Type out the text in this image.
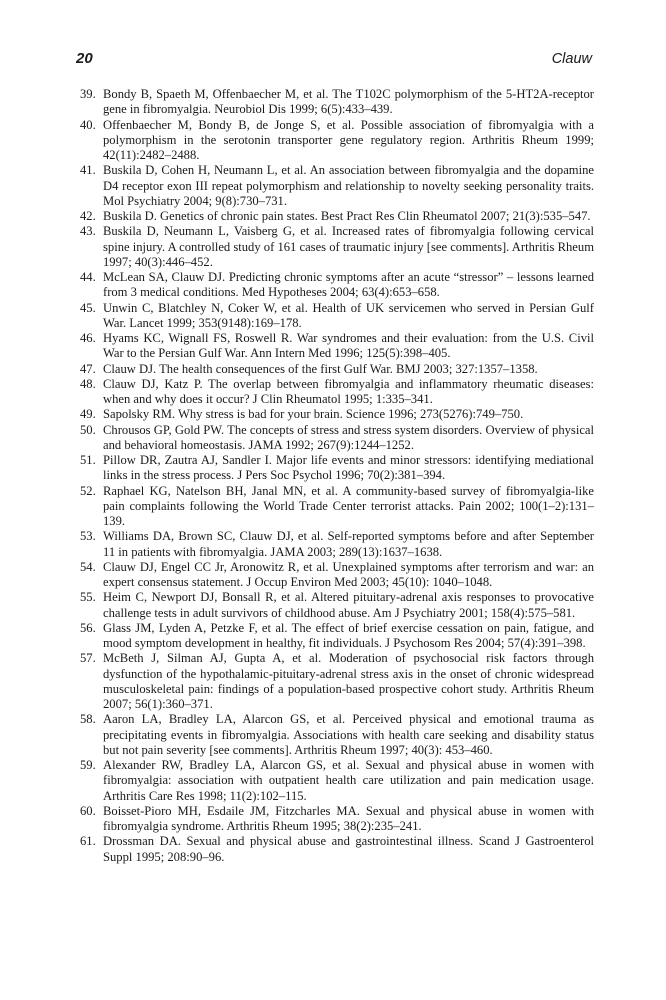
20	Clauw
39. Bondy B, Spaeth M, Offenbaecher M, et al. The T102C polymorphism of the 5-HT2A-receptor gene in fibromyalgia. Neurobiol Dis 1999; 6(5):433–439.
40. Offenbaecher M, Bondy B, de Jonge S, et al. Possible association of fibromyalgia with a polymorphism in the serotonin transporter gene regulatory region. Arthritis Rheum 1999; 42(11):2482–2488.
41. Buskila D, Cohen H, Neumann L, et al. An association between fibromyalgia and the dopamine D4 receptor exon III repeat polymorphism and relationship to novelty seeking personality traits. Mol Psychiatry 2004; 9(8):730–731.
42. Buskila D. Genetics of chronic pain states. Best Pract Res Clin Rheumatol 2007; 21(3):535–547.
43. Buskila D, Neumann L, Vaisberg G, et al. Increased rates of fibromyalgia following cervical spine injury. A controlled study of 161 cases of traumatic injury [see comments]. Arthritis Rheum 1997; 40(3):446–452.
44. McLean SA, Clauw DJ. Predicting chronic symptoms after an acute “stressor” – lessons learned from 3 medical conditions. Med Hypotheses 2004; 63(4):653–658.
45. Unwin C, Blatchley N, Coker W, et al. Health of UK servicemen who served in Persian Gulf War. Lancet 1999; 353(9148):169–178.
46. Hyams KC, Wignall FS, Roswell R. War syndromes and their evaluation: from the U.S. Civil War to the Persian Gulf War. Ann Intern Med 1996; 125(5):398–405.
47. Clauw DJ. The health consequences of the first Gulf War. BMJ 2003; 327:1357–1358.
48. Clauw DJ, Katz P. The overlap between fibromyalgia and inflammatory rheumatic diseases: when and why does it occur? J Clin Rheumatol 1995; 1:335–341.
49. Sapolsky RM. Why stress is bad for your brain. Science 1996; 273(5276):749–750.
50. Chrousos GP, Gold PW. The concepts of stress and stress system disorders. Overview of physical and behavioral homeostasis. JAMA 1992; 267(9):1244–1252.
51. Pillow DR, Zautra AJ, Sandler I. Major life events and minor stressors: identifying mediational links in the stress process. J Pers Soc Psychol 1996; 70(2):381–394.
52. Raphael KG, Natelson BH, Janal MN, et al. A community-based survey of fibromyalgia-like pain complaints following the World Trade Center terrorist attacks. Pain 2002; 100(1–2):131–139.
53. Williams DA, Brown SC, Clauw DJ, et al. Self-reported symptoms before and after September 11 in patients with fibromyalgia. JAMA 2003; 289(13):1637–1638.
54. Clauw DJ, Engel CC Jr, Aronowitz R, et al. Unexplained symptoms after terrorism and war: an expert consensus statement. J Occup Environ Med 2003; 45(10): 1040–1048.
55. Heim C, Newport DJ, Bonsall R, et al. Altered pituitary-adrenal axis responses to provocative challenge tests in adult survivors of childhood abuse. Am J Psychiatry 2001; 158(4):575–581.
56. Glass JM, Lyden A, Petzke F, et al. The effect of brief exercise cessation on pain, fatigue, and mood symptom development in healthy, fit individuals. J Psychosom Res 2004; 57(4):391–398.
57. McBeth J, Silman AJ, Gupta A, et al. Moderation of psychosocial risk factors through dysfunction of the hypothalamic-pituitary-adrenal stress axis in the onset of chronic widespread musculoskeletal pain: findings of a population-based prospective cohort study. Arthritis Rheum 2007; 56(1):360–371.
58. Aaron LA, Bradley LA, Alarcon GS, et al. Perceived physical and emotional trauma as precipitating events in fibromyalgia. Associations with health care seeking and disability status but not pain severity [see comments]. Arthritis Rheum 1997; 40(3): 453–460.
59. Alexander RW, Bradley LA, Alarcon GS, et al. Sexual and physical abuse in women with fibromyalgia: association with outpatient health care utilization and pain medication usage. Arthritis Care Res 1998; 11(2):102–115.
60. Boisset-Pioro MH, Esdaile JM, Fitzcharles MA. Sexual and physical abuse in women with fibromyalgia syndrome. Arthritis Rheum 1995; 38(2):235–241.
61. Drossman DA. Sexual and physical abuse and gastrointestinal illness. Scand J Gastroenterol Suppl 1995; 208:90–96.
